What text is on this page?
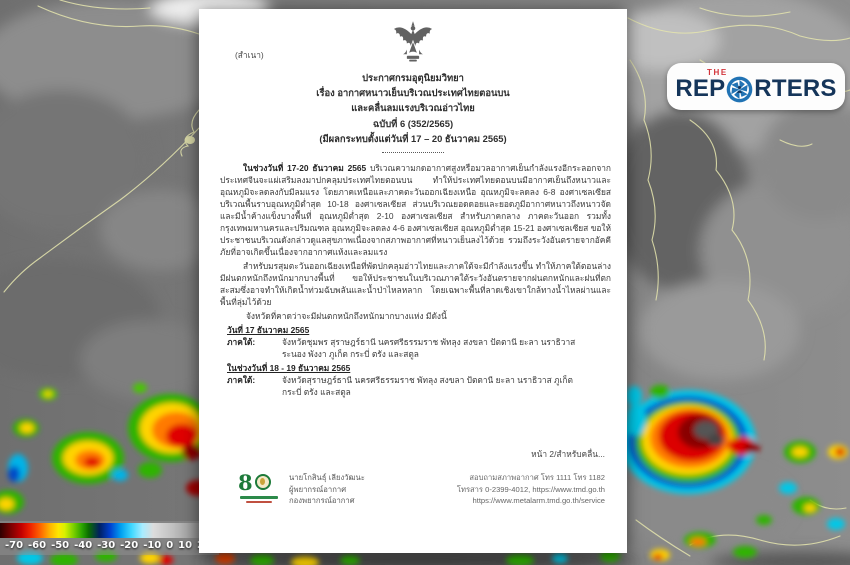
-70 -60 -50 -40 -30 -20 -10 0 10
(สำเนา)
ประกาศกรมอุตุนิยมวิทยา
เรื่อง อากาศหนาวเย็นบริเวณประเทศไทยตอนบน
และคลื่นลมแรงบริเวณอ่าวไทย
ฉบับที่ 6 (352/2565)
(มีผลกระทบตั้งแต่วันที่ 17 – 20 ธันวาคม 2565)

ในช่วงวันที่ 17-20 ธันวาคม 2565 บริเวณความกดอากาศสูงหรือมวลอากาศเย็นกำลังแรงอีกระลอกจากประเทศจีนจะแผ่เสริมลงมาปกคลุมประเทศไทยตอนบน ทำให้ประเทศไทยตอนบนมีอากาศเย็นถึงหนาวและอุณหภูมิจะลดลงกับมีลมแรง โดยภาคเหนือและภาคตะวันออกเฉียงเหนือ อุณหภูมิจะลดลง 6-8 องศาเซลเซียส บริเวณพื้นราบอุณหภูมิต่ำสุด 10-18 องศาเซลเซียส ส่วนบริเวณยอดดอยและยอดภูมีอากาศหนาวถึงหนาวจัดและมีน้ำค้างแข็งบางพื้นที่ อุณหภูมิต่ำสุด 2-10 องศาเซลเซียส สำหรับภาคกลาง ภาคตะวันออก รวมทั้งกรุงเทพมหานครและปริมณฑล อุณหภูมิจะลดลง 4-6 องศาเซลเซียส อุณหภูมิต่ำสุด 15-21 องศาเซลเซียส ขอให้ประชาชนบริเวณดังกล่าวดูแลสุขภาพเนื่องจากสภาพอากาศที่หนาวเย็นลงไว้ด้วย รวมถึงระวังอันตรายจากอัคคีภัยที่อาจเกิดขึ้นเนื่องจากอากาศแห้งและลมแรง

สำหรับมรสุมตะวันออกเฉียงเหนือที่พัดปกคลุมอ่าวไทยและภาคใต้จะมีกำลังแรงขึ้น ทำให้ภาคใต้ตอนล่างมีฝนตกหนักถึงหนักมากบางพื้นที่ ขอให้ประชาชนในบริเวณภาคใต้ระวังอันตรายจากฝนตกหนักและฝนที่ตกสะสมซึ่งอาจทำให้เกิดน้ำท่วมฉับพลันและน้ำป่าไหลหลาก โดยเฉพาะพื้นที่ลาดเชิงเขาใกล้ทางน้ำไหลผ่านและพื้นที่ลุ่มไว้ด้วย

จังหวัดที่คาดว่าจะมีฝนตกหนักถึงหนักมากบางแห่ง มีดังนี้

วันที่ 17 ธันวาคม 2565
ภาคใต้:	จังหวัดชุมพร สุราษฎร์ธานี นครศรีธรรมราช พัทลุง สงขลา ปัตตานี ยะลา นราธิวาส ระนอง พังงา ภูเก็ต กระบี่ ตรัง และสตูล
ในช่วงวันที่ 18 - 19 ธันวาคม 2565
ภาคใต้:	จังหวัดสุราษฎร์ธานี นครศรีธรรมราช พัทลุง สงขลา ปัตตานี ยะลา นราธิวาส ภูเก็ต กระบี่ ตรัง และสตูล
หน้า 2/สำหรับคลื่น...
8	นายโกสินธุ์ เลียงวัฒนะ
ผู้พยากรณ์อากาศ
กองพยากรณ์อากาศ
สอบถามสภาพอากาศ โทร 1111 โทร 1182
โทรสาร 0-2399-4012, https://www.tmd.go.th
https://www.metalarm.tmd.go.th/service
THE
REP RTERS
